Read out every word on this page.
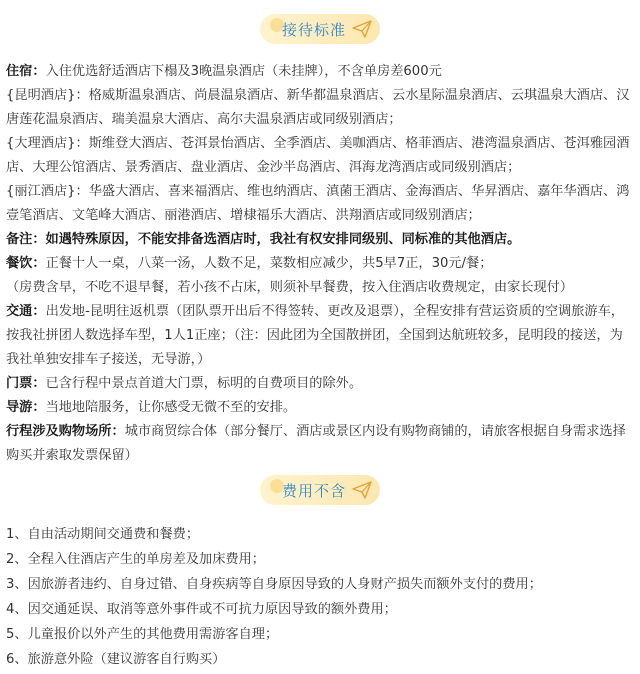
接待标准
住宿：入住优选舒适酒店下榻及3晚温泉酒店（未挂牌），不含单房差600元
{昆明酒店}：格威斯温泉酒店、尚晨温泉酒店、新华都温泉酒店、云水星际温泉酒店、云琪温泉大酒店、汉唐莲花温泉酒店、瑞美温泉大酒店、高尔夫温泉酒店或同级别酒店；
{大理酒店}：斯维登大酒店、苍洱景怡酒店、全季酒店、美咖酒店、格菲酒店、港湾温泉酒店、苍洱雅园酒店、大理公馆酒店、景秀酒店、盘业酒店、金沙半岛酒店、洱海龙湾酒店或同级别酒店；
{丽江酒店}：华盛大酒店、喜来福酒店、维也纳酒店、滇菌王酒店、金海酒店、华昇酒店、嘉年华酒店、鸿壹笔酒店、文笔峰大酒店、丽港酒店、增棣福乐大酒店、洪翔酒店或同级别酒店；
备注：如遇特殊原因，不能安排备选酒店时，我社有权安排同级别、同标准的其他酒店。
餐饮：正餐十人一桌，八菜一汤，人数不足，菜数相应减少，共5早7正，30元/餐；
（房费含早，不吃不退早餐，若小孩不占床，则须补早餐费，按入住酒店收费规定，由家长现付）
交通：出发地-昆明往返机票（团队票开出后不得签转、更改及退票），全程安排有营运资质的空调旅游车，按我社拼团人数选择车型，1人1正座；（注：因此团为全国散拼团，全国到达航班较多，昆明段的接送，为我社单独安排车子接送，无导游，）
门票：已含行程中景点首道大门票，标明的自费项目的除外。
导游：当地地陪服务，让你感受无微不至的安排。
行程涉及购物场所：城市商贸综合体（部分餐厅、酒店或景区内设有购物商铺的，请旅客根据自身需求选择购买并索取发票保留）
费用不含
1、自由活动期间交通费和餐费；
2、全程入住酒店产生的单房差及加床费用；
3、因旅游者违约、自身过错、自身疾病等自身原因导致的人身财产损失而额外支付的费用；
4、因交通延误、取消等意外事件或不可抗力原因导致的额外费用；
5、儿童报价以外产生的其他费用需游客自理；
6、旅游意外险（建议游客自行购买）
